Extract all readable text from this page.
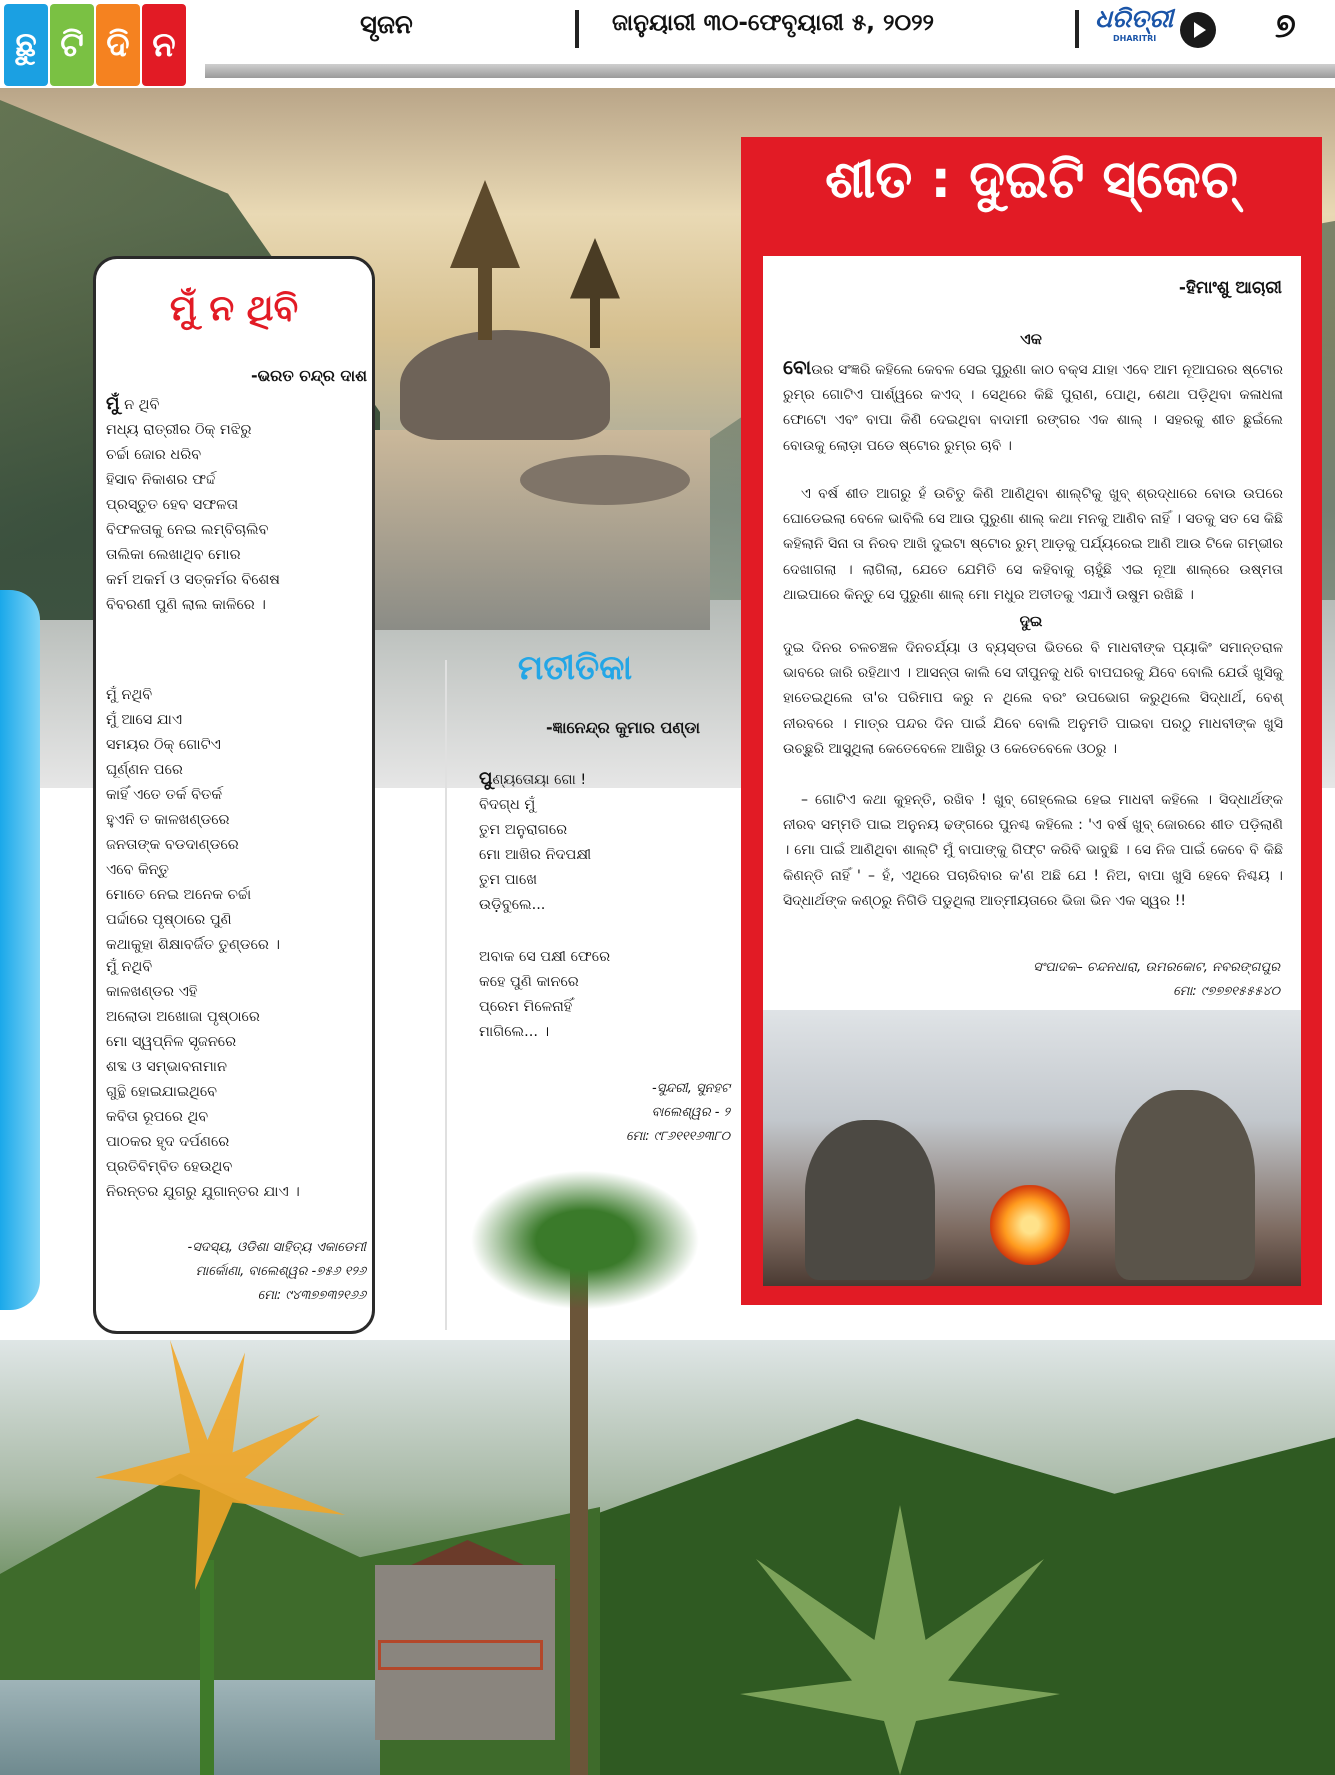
ଛୁ ଟି ଦି ନ	ସୃଜନ	ଜାନୁୟାରୀ ୩୦-ଫେବୃୟାରୀ ୫, ୨୦୨୨	ଧରିତ୍ରୀ
DHARITRI	୭
ମୁଁ ନ ଥିବି
-ଭରତ ଚନ୍ଦ୍ର ଦାଶ
ମୁଁ ନ ଥିବି
ମଧ୍ୟ ରାତ୍ରୀର ଠିକ୍ ମଝିରୁ
ଚର୍ଚ୍ଚା ଜୋର ଧରିବ
ହିସାବ ନିକାଶର ଫର୍ଦ୍ଦ
ପ୍ରସ୍ତୁତ ହେବ ସଫଳତା
ବିଫଳତାକୁ ନେଇ ଲମ୍ବିଚାଲିବ
ତାଲିକା ଲେଖାଥିବ ମୋର
କର୍ମ ଅକର୍ମ ଓ ସତ୍କର୍ମର ବିଶେଷ
ବିବରଣୀ ପୁଣି ଲାଲ କାଳିରେ ।
ମୁଁ ନଥିବି
ମୁଁ ଆସେ ଯାଏ
ସମୟର ଠିକ୍ ଗୋଟିଏ
ଘୂର୍ଣ୍ଣନ ପରେ
କାହିଁ ଏତେ ତର୍କ ବିତର୍କ
ହୁଏନି ତ କାଳଖଣ୍ଡରେ
ଜନତାଙ୍କ ବଡଦାଣ୍ଡରେ
ଏବେ କିନ୍ତୁ
ମୋତେ ନେଇ ଅନେକ ଚର୍ଚ୍ଚା
ପର୍ଦ୍ଦାରେ ପୃଷ୍ଠାରେ ପୁଣି
କଥାକୁହା ଶିକ୍ଷାବର୍ଜିତ ତୁଣ୍ଡରେ ।
ମୁଁ ନଥିବି
କାଳଖଣ୍ଡର ଏହି
ଅଲୋଡା ଅଖୋଜା ପୃଷ୍ଠାରେ
ମୋ ସ୍ୱପ୍ନିଳ ସୃଜନରେ
ଶବ୍ଦ ଓ ସମ୍ଭାବନାମାନ
ଗୁନ୍ଥି ହୋଇଯାଇଥିବେ
କବିତା ରୂପରେ ଥିବ
ପାଠକର ହୃଦ ଦର୍ପଣରେ
ପ୍ରତିବିମ୍ବିତ ହେଉଥିବ
ନିରନ୍ତର ଯୁଗରୁ ଯୁଗାନ୍ତର ଯାଏ ।
-ସଦସ୍ୟ, ଓଡିଶା ସାହିତ୍ୟ ଏକାଡେମୀ
ମାର୍କୋଣା, ବାଲେଶ୍ୱର -୭୫୬ ୧୨୬
ମୋ: ୯୪୩୭୭୩୨୧୬୬
ମତୀତିକା
-ଜ୍ଞାନେନ୍ଦ୍ର କୁମାର ପଣ୍ଡା
ପୁଣ୍ୟତୋୟା ଗୋ !
ବିଦଗ୍ଧ ମୁଁ
ତୁମ ଅନୁରାଗରେ
ମୋ ଆଖିର ନିଦପକ୍ଷୀ
ତୁମ ପାଖେ
ଉଡ଼ିବୁଲେ...
ଅବାକ ସେ ପକ୍ଷୀ ଫେରେ
କହେ ପୁଣି କାନରେ
ପ୍ରେମ ମିଳେନାହିଁ
ମାଗିଲେ... ।
-ସୁନ୍ଦରୀ, ସୁନହଟ
ବାଲେଶ୍ୱର - ୨
ମୋ: ୯୮୬୧୧୧୬୩୮୦
ଶୀତ : ଦୁଇଟି ସ୍କେଚ୍
-ହିମାଂଶୁ ଆଚାରୀ
ଏକ
ବୋଉର ସଂଜ୍ଞରି କହିଲେ କେବଳ ସେଇ ପୁରୁଣା କାଠ ବକ୍ସ ଯାହା ଏବେ ଆମ ନୂଆଘରର ଷ୍ଟୋର ରୁମ୍‌ର ଗୋଟିଏ ପାର୍ଶ୍ୱରେ କଏଦ୍ । ସେଥିରେ କିଛି ପୁରାଣ, ପୋଥି, ଶେଥା ପଡ଼ିଥିବା କଳାଧଳା ଫୋଟୋ ଏବଂ ବାପା କିଣି ଦେଇଥିବା ବାଦାମୀ ରଙ୍ଗର ଏକ ଶାଲ୍ । ସହରକୁ ଶୀତ ଛୁଇଁଲେ ବୋଉକୁ ଲୋଡ଼ା ପଡେ ଷ୍ଟୋର ରୁମ୍‌ର ଚାବି ।
ଏ ବର୍ଷ ଶୀତ ଆଗରୁ ହଁ ଉଚିତୁ କିଣି ଆଣିଥିବା ଶାଲ୍‌ଟିକୁ ଖୁବ୍ ଶ୍ରଦ୍ଧାରେ ବୋଉ ଉପରେ ଘୋଡେଇଲା ବେଳେ ଭାବିଲି ସେ ଆଉ ପୁରୁଣା ଶାଲ୍ କଥା ମନକୁ ଆଣିବ ନାହିଁ । ସତକୁ ସତ ସେ କିଛି କହିଲାନି ସିନା ତା ନିରବ ଆଖି ଦୁଇଟା ଷ୍ଟୋର ରୁମ୍ ଆଡ଼କୁ ପର୍ଯ୍ୟରେଇ ଆଣି ଆଉ ଟିକେ ଗମ୍ଭୀର ଦେଖାଗଲା । ଲାଗିଲା, ଯେତେ ଯେମିତି ସେ କହିବାକୁ ଚାହୁଁଛି ଏଇ ନୂଆ ଶାଲ୍‌ରେ ଉଷ୍ମତା ଥାଇପାରେ କିନ୍ତୁ ସେ ପୁରୁଣା ଶାଲ୍ ମୋ ମଧୁର ଅତୀତକୁ ଏଯାଏଁ ଉଷୁମ ରଖିଛି ।
ଦୁଇ
ଦୁଇ ଦିନର ଚଳଚଞ୍ଚଳ ଦିନଚର୍ଯ୍ୟା ଓ ବ୍ୟସ୍ତତା ଭିତରେ ବି ମାଧବୀଙ୍କ ପ୍ୟାକିଂ ସମାନ୍ତରାଳ ଭାବରେ ଜାରି ରହିଥାଏ । ଆସନ୍ତା କାଲି ସେ ଦୀପୁନକୁ ଧରି ବାପଘରକୁ ଯିବେ ବୋଲି ଯେଉଁ ଖୁସିକୁ ହାତେଇଥିଲେ ତା'ର ପରିମାପ କରୁ ନ ଥିଲେ ବରଂ ଉପଭୋଗ କରୁଥିଲେ ସିଦ୍ଧାର୍ଥ, ବେଶ୍ ନୀରବରେ । ମାତ୍ର ପନ୍ଦର ଦିନ ପାଇଁ ଯିବେ ବୋଲି ଅନୁମତି ପାଇବା ପରଠୁ ମାଧବୀଙ୍କ ଖୁସି ଉଚ୍ଛୁରି ଆସୁଥିଲା କେତେବେଳେ ଆଖିରୁ ଓ କେତେବେଳେ ଓଠରୁ ।
– ଗୋଟିଏ କଥା କୁହନ୍ତି, ରଖିବ ! ଖୁବ୍ ଗେହ୍ଲେଇ ହେଇ ମାଧବୀ କହିଲେ । ସିଦ୍ଧାର୍ଥଙ୍କ ନୀରବ ସମ୍ମତି ପାଇ ଅନୁନୟ ଢଙ୍ଗରେ ପୁନଶ୍ଚ କହିଲେ : 'ଏ ବର୍ଷ ଖୁବ୍ ଜୋରରେ ଶୀତ ପଡ଼ିଲାଣି । ମୋ ପାଇଁ ଆଣିଥିବା ଶାଲ୍‌ଟି ମୁଁ ବାପାଙ୍କୁ ଗିଫ୍ଟ କରିବି ଭାବୁଛି । ସେ ନିଜ ପାଇଁ କେବେ ବି କିଛି କିଣନ୍ତି ନାହିଁ ' – ହଁ, ଏଥିରେ ପଚାରିବାର କ'ଣ ଅଛି ଯେ ! ନିଅ, ବାପା ଖୁସି ହେବେ ନିଶ୍ଚୟ । ସିଦ୍ଧାର୍ଥଙ୍କ କଣ୍ଠରୁ ନିଗିଡି ପଡୁଥିଲା ଆତ୍ମୀୟତାରେ ଭିଜା ଭିନ ଏକ ସ୍ୱର !!
ସଂପାଦକ– ଚନ୍ଦନଧାରା, ଉମରକୋଟ, ନବରଙ୍ଗପୁର
ମୋ: ୯୭୭୭୧୫୫୫୪୦
